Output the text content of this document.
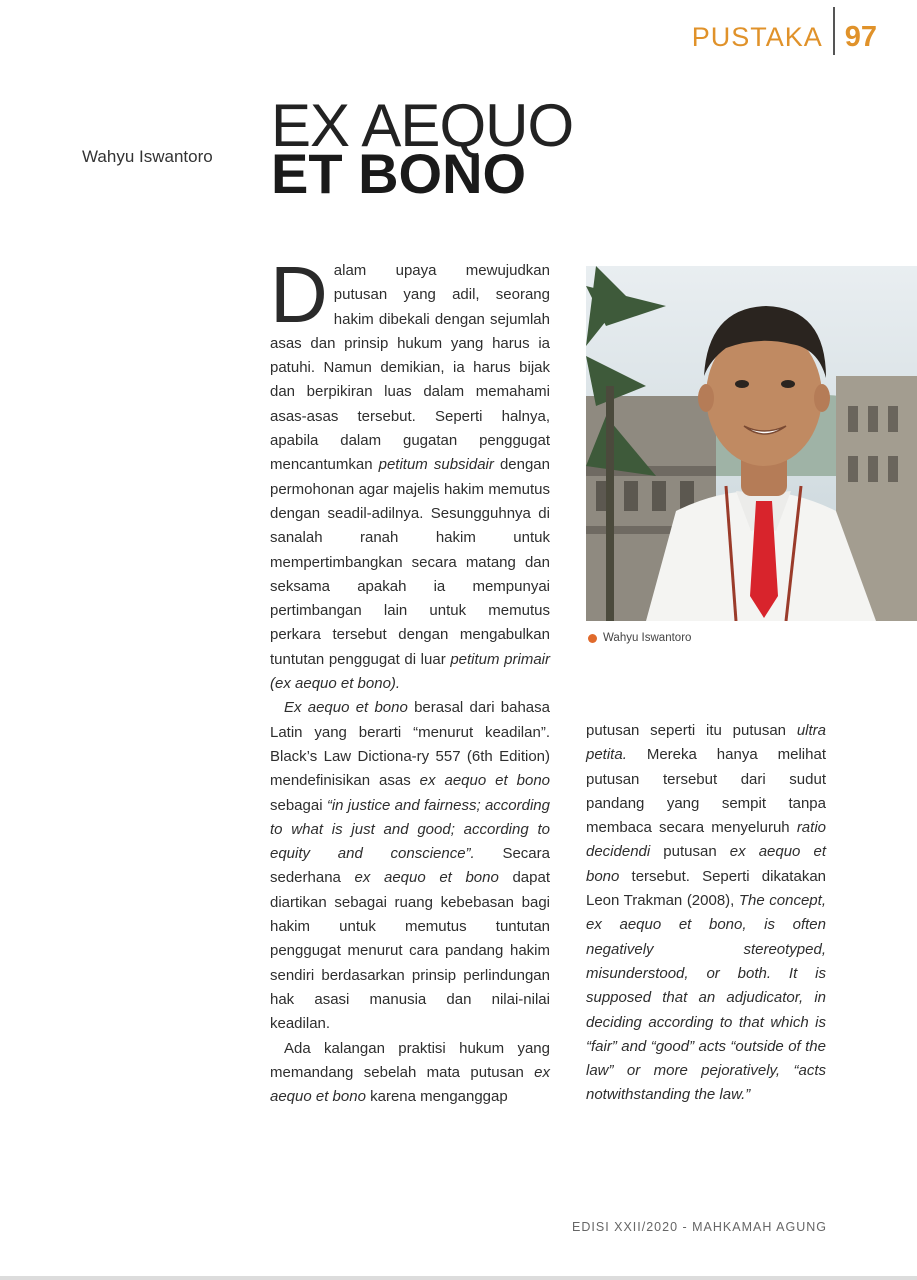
PUSTAKA 97
Wahyu Iswantoro EX AEQUO
ET BONO

Dalam upaya mewujudkan putusan yang adil, seorang hakim dibekali dengan sejumlah asas dan prinsip hukum yang harus ia patuhi. Namun demikian, ia harus bijak dan berpikiran luas dalam memahami asas-asas tersebut. Seperti halnya, apabila dalam gugatan penggugat mencantumkan petitum subsidair dengan permohonan agar majelis hakim memutus dengan seadil-adilnya. Sesungguhnya di sanalah ranah hakim untuk mempertimbangkan secara matang dan seksama apakah ia mempunyai pertimbangan lain untuk memutus perkara tersebut dengan mengabulkan tuntutan penggugat di luar petitum primair (ex aequo et bono).

Ex aequo et bono berasal dari bahasa Latin yang berarti “menurut keadilan”. Black’s Law Dictiona-ry 557 (6th Edition) mendefinisikan asas ex aequo et bono sebagai “in justice and fairness; according to what is just and good; according to equity and conscience”. Secara sederhana ex aequo et bono dapat diartikan sebagai ruang kebebasan bagi hakim untuk memutus tuntutan penggugat menurut cara pandang hakim sendiri berdasarkan prinsip perlindungan hak asasi manusia dan nilai-nilai keadilan.

Ada kalangan praktisi hukum yang memandang sebelah mata putusan ex aequo et bono karena menganggap

Wahyu Iswantoro

putusan seperti itu putusan ultra petita. Mereka hanya melihat putusan tersebut dari sudut pandang yang sempit tanpa membaca secara menyeluruh ratio decidendi putusan ex aequo et bono tersebut. Seperti dikatakan Leon Trakman (2008), The concept, ex aequo et bono, is often negatively stereotyped, misunderstood, or both. It is supposed that an adjudicator, in deciding according to that which is “fair” and “good” acts “outside of the law” or more pejoratively, “acts notwithstanding the law.”

EDISI XXII/2020 - MAHKAMAH AGUNG
